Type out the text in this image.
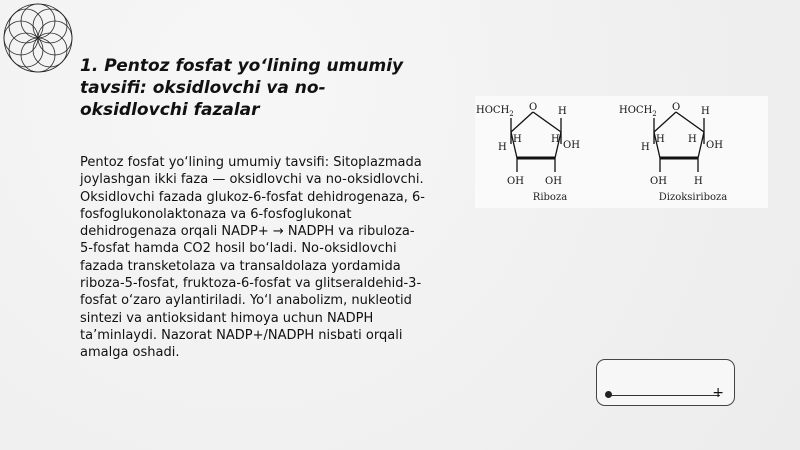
1. Pentoz fosfat yo‘lining umumiy tavsifi: oksidlovchi va no-oksidlovchi fazalar

Pentoz fosfat yo‘lining umumiy tavsifi: Sitoplazmada joylashgan ikki faza — oksidlovchi va no-oksidlovchi. Oksidlovchi fazada glukoz-6-fosfat dehidrogenaza, 6-fosfoglukonolaktonaza va 6-fosfoglukonat dehidrogenaza orqali NADP+ → NADPH va ribuloza-5-fosfat hamda CO2 hosil bo‘ladi. No-oksidlovchi fazada transketolaza va transaldolaza yordamida riboza-5-fosfat, fruktoza-6-fosfat va glitseraldehid-3-fosfat o‘zaro aylantiriladi. Yo‘l anabolizm, nukleotid sintezi va antioksidant himoya uchun NADPH ta’minlaydi. Nazorat NADP+/NADPH nisbati orqali amalga oshadi.

$HOCH_2$
O H
H
H
H
OH
OH OH
Riboza
$HOCH_2$
O H
H
H
H
H
OH
OH
Dizoksiriboza
+
